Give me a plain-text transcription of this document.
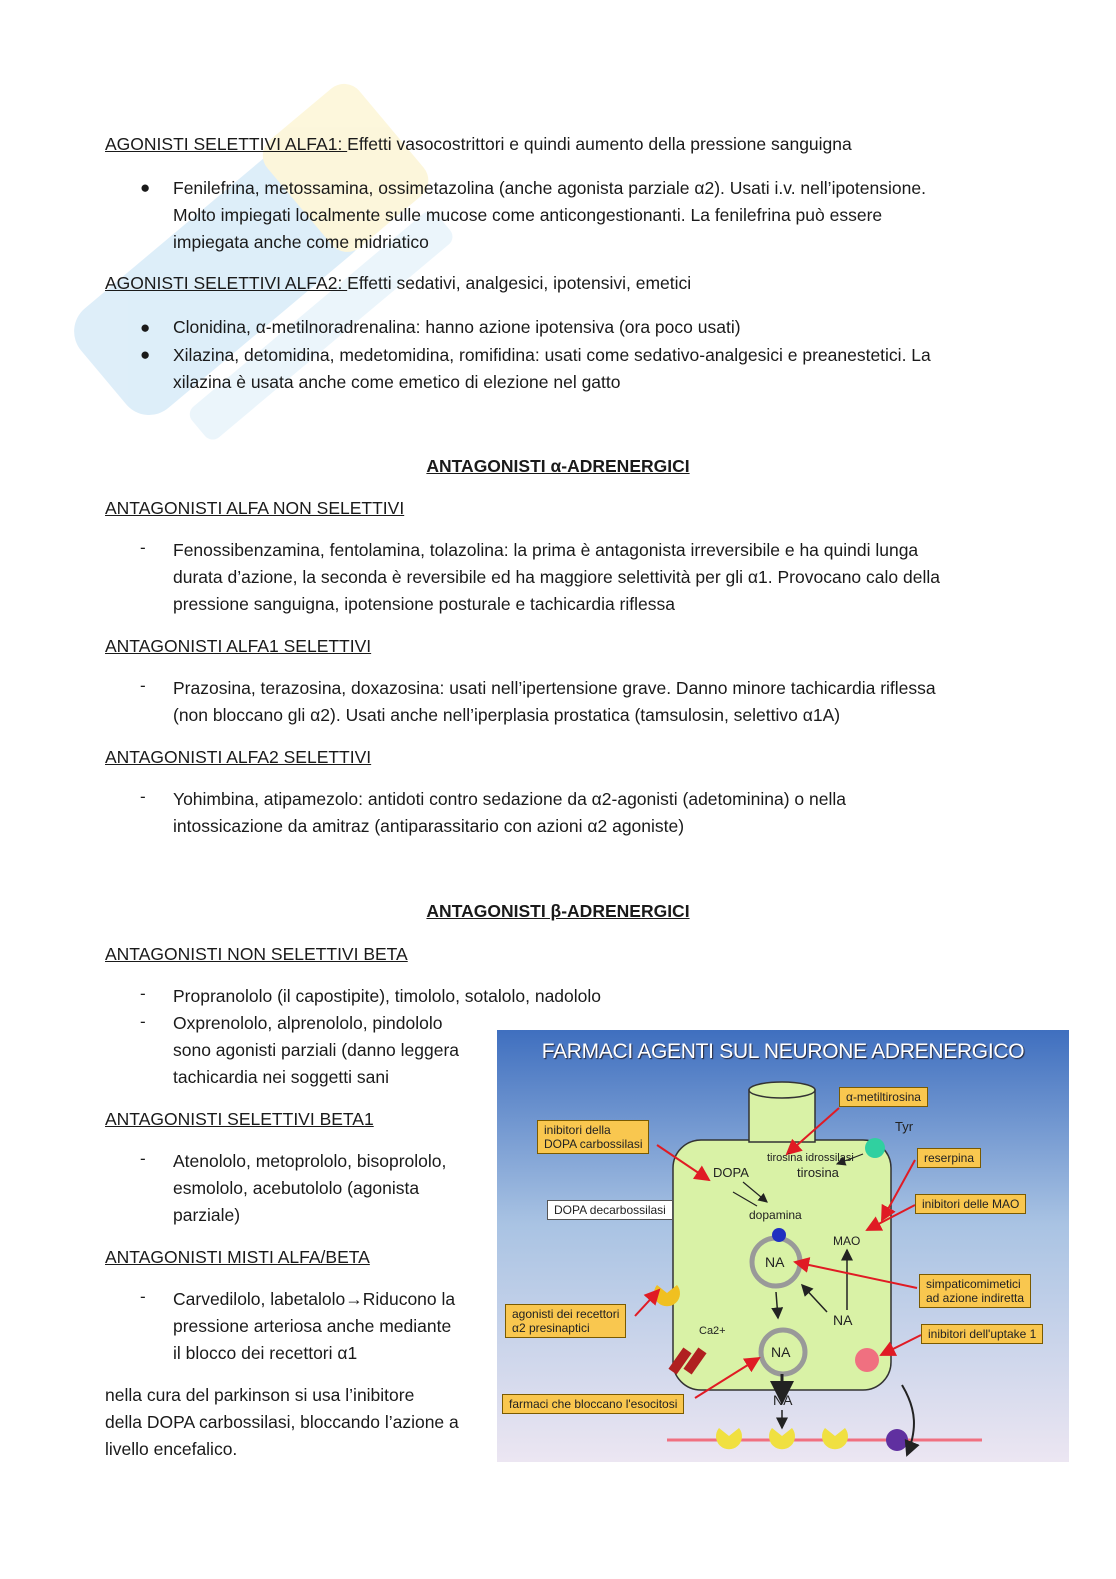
AGONISTI SELETTIVI ALFA1: Effetti vasocostrittori e quindi aumento della pressione sanguigna
● Fenilefrina, metossamina, ossimetazolina (anche agonista parziale α2). Usati i.v. nell’ipotensione.
Molto impiegati localmente sulle mucose come anticongestionanti. La fenilefrina può essere
impiegata anche come midriatico
AGONISTI SELETTIVI ALFA2: Effetti sedativi, analgesici, ipotensivi, emetici
● Clonidina, α-metilnoradrenalina: hanno azione ipotensiva (ora poco usati)
● Xilazina, detomidina, medetomidina, romifidina: usati come sedativo-analgesici e preanestetici. La
xilazina è usata anche come emetico di elezione nel gatto
ANTAGONISTI α-ADRENERGICI
ANTAGONISTI ALFA NON SELETTIVI
- Fenossibenzamina, fentolamina, tolazolina: la prima è antagonista irreversibile e ha quindi lunga
durata d’azione, la seconda è reversibile ed ha maggiore selettività per gli α1. Provocano calo della
pressione sanguigna, ipotensione posturale e tachicardia riflessa
ANTAGONISTI ALFA1 SELETTIVI
- Prazosina, terazosina, doxazosina: usati nell’ipertensione grave. Danno minore tachicardia riflessa
(non bloccano gli α2). Usati anche nell’iperplasia prostatica (tamsulosin, selettivo α1A)
ANTAGONISTI ALFA2 SELETTIVI
- Yohimbina, atipamezolo: antidoti contro sedazione da α2-agonisti (adetominina) o nella
intossicazione da amitraz (antiparassitario con azioni α2 agoniste)
ANTAGONISTI β-ADRENERGICI
ANTAGONISTI NON SELETTIVI BETA
- Propranololo (il capostipite), timololo, sotalolo, nadololo
- Oxprenololo, alprenololo, pindololo
sono agonisti parziali (danno leggera
tachicardia nei soggetti sani
ANTAGONISTI SELETTIVI BETA1
- Atenololo, metoprololo, bisoprololo,
esmololo, acebutololo (agonista
parziale)
ANTAGONISTI MISTI ALFA/BETA
- Carvedilolo, labetalolo→Riducono la
pressione arteriosa anche mediante
il blocco dei recettori α1
nella cura del parkinson si usa l’inibitore
della DOPA carbossilasi, bloccando l’azione a
livello encefalico.
FARMACI AGENTI SUL NEURONE ADRENERGICO
α-metiltirosina
Tyr
inibitori della
DOPA carbossilasi
tirosina idrossilasi
tirosina
DOPA
reserpina
DOPA decarbossilasi	dopamina
inibitori delle MAO
MAO
NA
simpaticomimetici
ad azione indiretta
agonisti dei recettori
α2 presinaptici	NA
Ca2+	inibitori dell'uptake 1
NA
farmaci che bloccano l'esocitosi	NA
